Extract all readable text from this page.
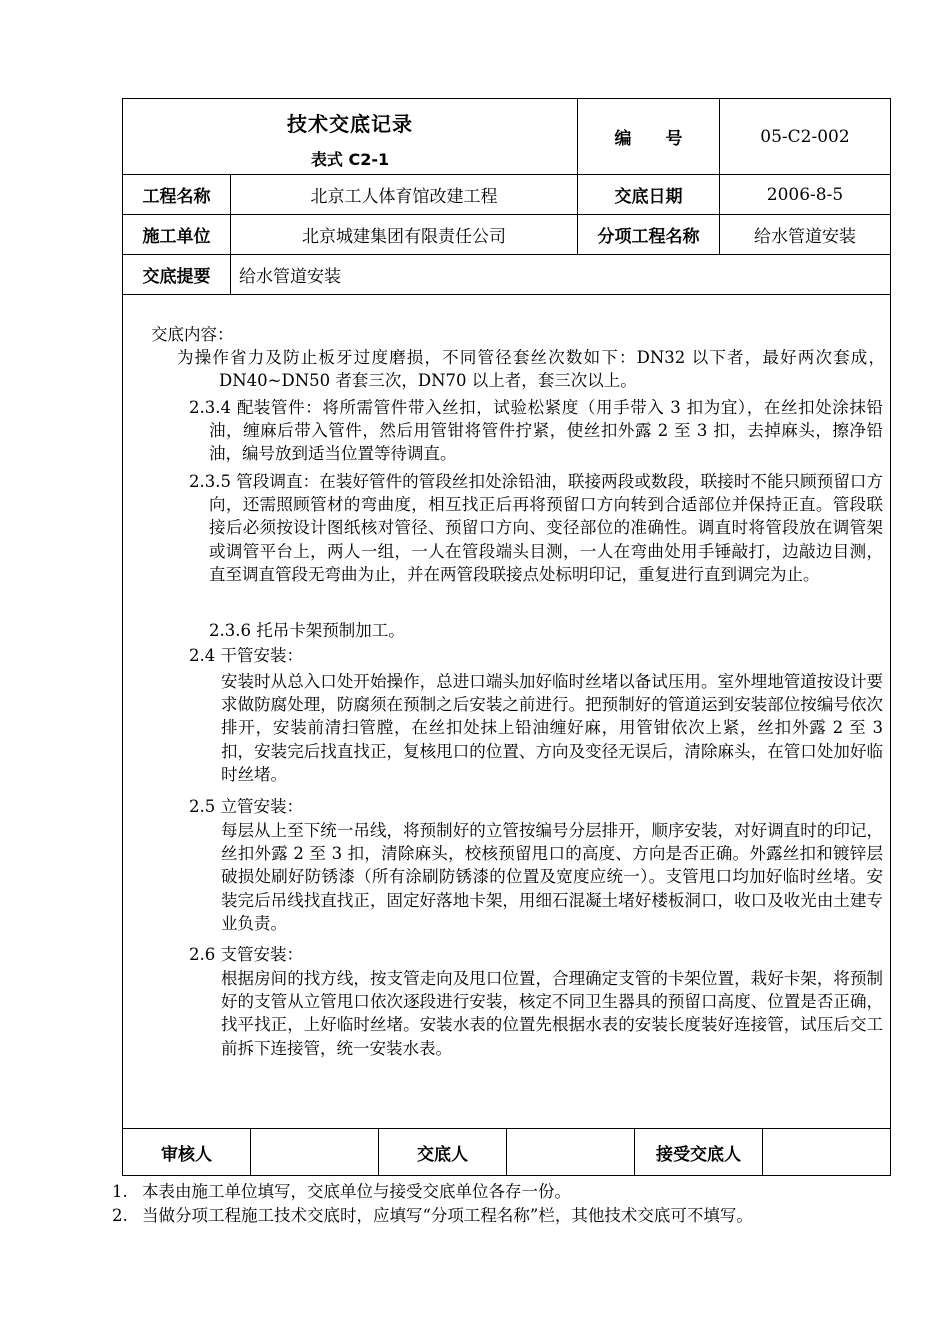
技术交底记录
表式 C2-1
编　　号	05-C2-002
工程名称	北京工人体育馆改建工程	交底日期	2006-8-5
施工单位	北京城建集团有限责任公司	分项工程名称	给水管道安装
交底提要	给水管道安装
交底内容：
为操作省力及防止板牙过度磨损，不同管径套丝次数如下：DN32 以下者，最好两次套成，DN40~DN50 者套三次，DN70 以上者，套三次以上。
2.3.4 配装管件：将所需管件带入丝扣，试验松紧度（用手带入 3 扣为宜），在丝扣处涂抹铅油，缠麻后带入管件，然后用管钳将管件拧紧，使丝扣外露 2 至 3 扣，去掉麻头，擦净铅油，编号放到适当位置等待调直。
2.3.5 管段调直：在装好管件的管段丝扣处涂铅油，联接两段或数段，联接时不能只顾预留口方向，还需照顾管材的弯曲度，相互找正后再将预留口方向转到合适部位并保持正直。管段联接后必须按设计图纸核对管径、预留口方向、变径部位的准确性。调直时将管段放在调管架或调管平台上，两人一组，一人在管段端头目测，一人在弯曲处用手锤敲打，边敲边目测，直至调直管段无弯曲为止，并在两管段联接点处标明印记，重复进行直到调完为止。
2.3.6 托吊卡架预制加工。
2.4 干管安装：
安装时从总入口处开始操作，总进口端头加好临时丝堵以备试压用。室外埋地管道按设计要求做防腐处理，防腐须在预制之后安装之前进行。把预制好的管道运到安装部位按编号依次排开，安装前清扫管膛，在丝扣处抹上铅油缠好麻，用管钳依次上紧，丝扣外露 2 至 3 扣，安装完后找直找正，复核甩口的位置、方向及变径无误后，清除麻头，在管口处加好临时丝堵。
2.5 立管安装：
每层从上至下统一吊线，将预制好的立管按编号分层排开，顺序安装，对好调直时的印记，丝扣外露 2 至 3 扣，清除麻头，校核预留甩口的高度、方向是否正确。外露丝扣和镀锌层破损处刷好防锈漆（所有涂刷防锈漆的位置及宽度应统一）。支管甩口均加好临时丝堵。安装完后吊线找直找正，固定好落地卡架，用细石混凝土堵好楼板洞口，收口及收光由土建专业负责。
2.6 支管安装：
根据房间的找方线，按支管走向及甩口位置，合理确定支管的卡架位置，栽好卡架，将预制好的支管从立管甩口依次逐段进行安装，核定不同卫生器具的预留口高度、位置是否正确，找平找正，上好临时丝堵。安装水表的位置先根据水表的安装长度装好连接管，试压后交工前拆下连接管，统一安装水表。
审核人	交底人	接受交底人
1. 本表由施工单位填写，交底单位与接受交底单位各存一份。
2. 当做分项工程施工技术交底时，应填写“分项工程名称”栏，其他技术交底可不填写。
